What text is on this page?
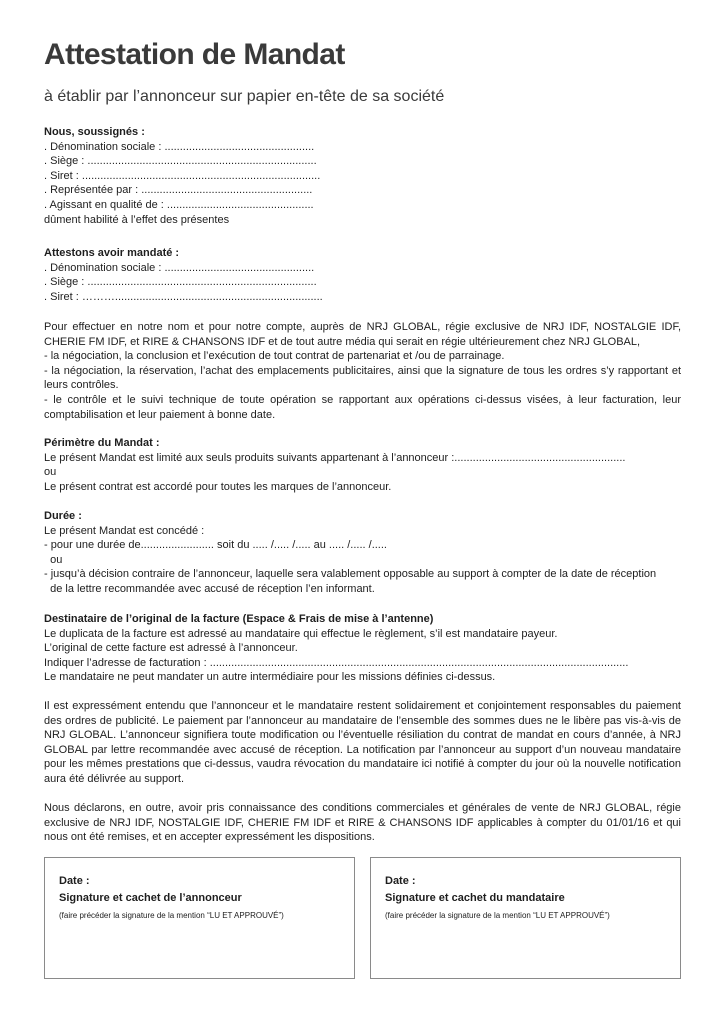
Attestation de Mandat

à établir par l’annonceur sur papier en-tête de sa société

Nous, soussignés :

. Dénomination sociale : .................................................

. Siège : ...........................................................................

. Siret : ..............................................................................

. Représentée par : ........................................................

. Agissant en qualité de : ................................................

dûment habilité à l’effet des présentes

Attestons avoir mandaté :

. Dénomination sociale : .................................................

. Siège : ...........................................................................

. Siret : ………....................................................................

Pour effectuer en notre nom et pour notre compte, auprès de NRJ GLOBAL, régie exclusive de NRJ IDF, NOSTALGIE IDF, CHERIE FM IDF, et RIRE & CHANSONS IDF et de tout autre média qui serait en régie ultérieurement chez NRJ GLOBAL,

- la négociation, la conclusion et l’exécution de tout contrat de partenariat et /ou de parrainage.

- la négociation, la réservation, l’achat des emplacements publicitaires, ainsi que la signature de tous les ordres s’y rapportant et leurs contrôles.

- le contrôle et le suivi technique de toute opération se rapportant aux opérations ci-dessus visées, à leur facturation, leur comptabilisation et leur paiement à bonne date.

Périmètre du Mandat :

Le présent Mandat est limité aux seuls produits suivants appartenant à l’annonceur :........................................................

ou

Le présent contrat est accordé pour toutes les marques de l’annonceur.

Durée :

Le présent Mandat est concédé :

- pour une durée de........................ soit du ..... /..... /..... au ..... /..... /.....

ou

- jusqu’à décision contraire de l’annonceur, laquelle sera valablement opposable au support à compter de la date de réception

de la lettre recommandée avec accusé de réception l’en informant.

Destinataire de l’original de la facture (Espace & Frais de mise à l’antenne)

Le duplicata de la facture est adressé au mandataire qui effectue le règlement, s’il est mandataire payeur.

L’original de cette facture est adressé à l’annonceur.

Indiquer l’adresse de facturation : .........................................................................................................................................

Le mandataire ne peut mandater un autre intermédiaire pour les missions définies ci-dessus.

Il est expressément entendu que l’annonceur et le mandataire restent solidairement et conjointement responsables du paiement des ordres de publicité. Le paiement par l’annonceur au mandataire de l’ensemble des sommes dues ne le libère pas vis-à-vis de NRJ GLOBAL. L’annonceur signifiera toute modification ou l’éventuelle résiliation du contrat de mandat en cours d’année, à NRJ GLOBAL par lettre recommandée avec accusé de réception. La notification par l’annonceur au support d’un nouveau mandataire pour les mêmes prestations que ci-dessus, vaudra révocation du mandataire ici notifié à compter du jour où la nouvelle notification aura été délivrée au support.

Nous déclarons, en outre, avoir pris connaissance des conditions commerciales et générales de vente de NRJ GLOBAL, régie exclusive de NRJ IDF, NOSTALGIE IDF, CHERIE FM IDF et RIRE & CHANSONS IDF applicables à compter du 01/01/16 et qui nous ont été remises, et en accepter expressément les dispositions.

Date :
Signature et cachet de l’annonceur
(faire précéder la signature de la mention “LU ET APPROUVÉ”)
Date :
Signature et cachet du mandataire
(faire précéder la signature de la mention “LU ET APPROUVÉ”)
